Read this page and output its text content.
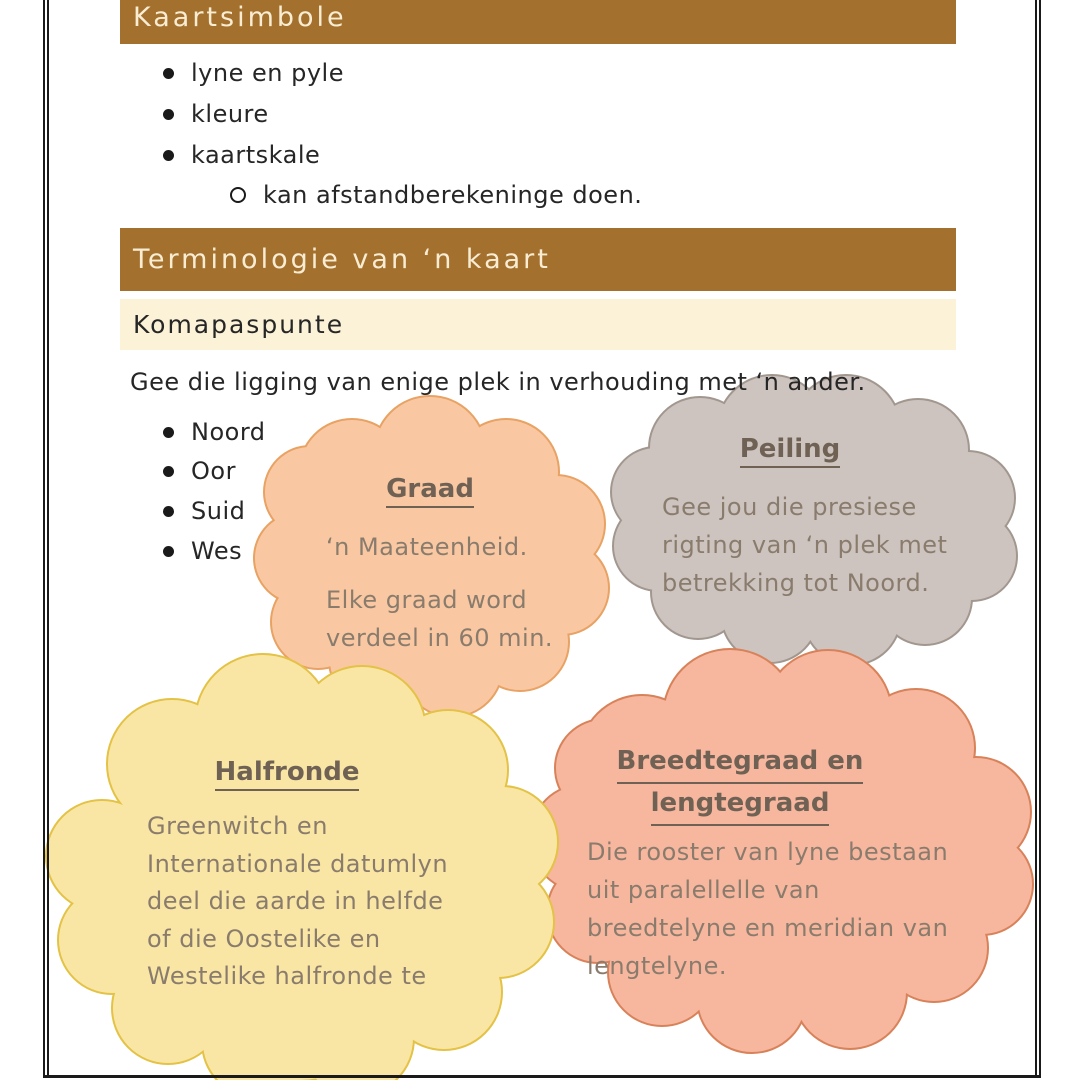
Kaartsimbole
lyne en pyle
kleure
kaartskale
kan afstandberekeninge doen.
Terminologie van ‘n kaart
Komapaspunte
Gee die ligging van enige plek in verhouding met ‘n ander.
Noord
Oor
Suid
Wes
Graad
‘n Maateenheid.
Elke graad word
verdeel in 60 min.
Peiling
Gee jou die presiese
rigting van ‘n plek met
betrekking tot Noord.
Halfronde
Greenwitch en
Internationale datumlyn
deel die aarde in helfde
of die Oostelike en
Westelike halfronde te
Breedtegraad en
lengtegraad
Die rooster van lyne bestaan
uit paralellelle van
breedtelyne en meridian van
lengtelyne.
